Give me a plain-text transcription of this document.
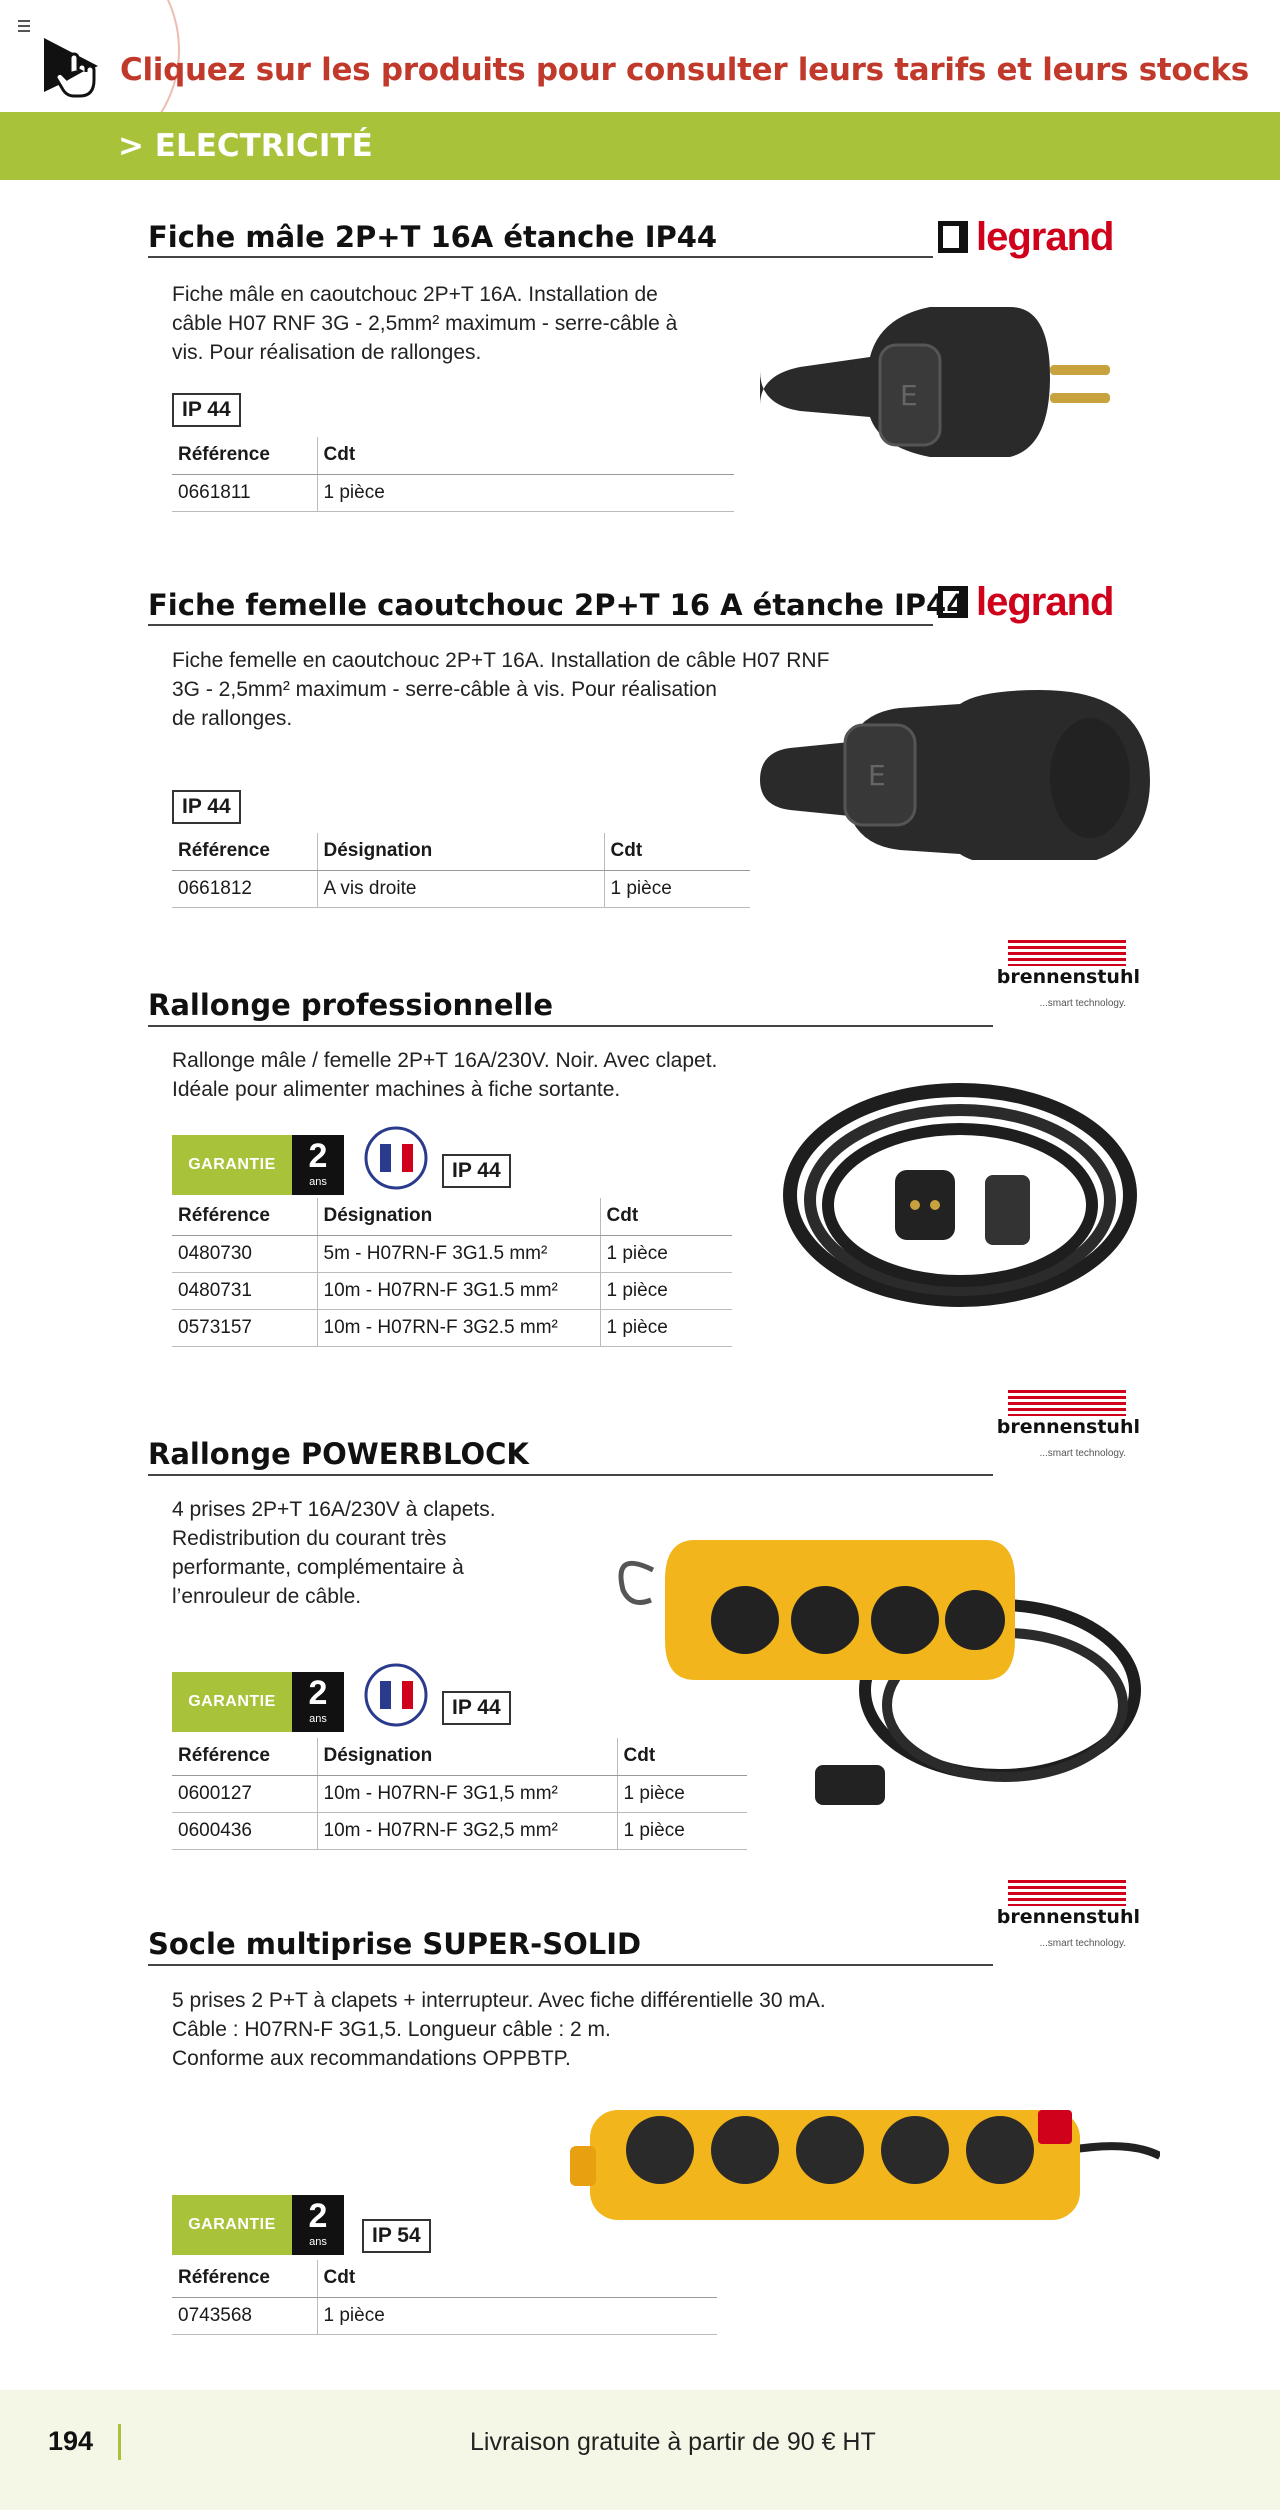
Cliquez sur les produits pour consulter leurs tarifs et leurs stocks
> ELECTRICITÉ
Fiche mâle 2P+T 16A étanche IP44	legrand
Fiche mâle en caoutchouc 2P+T 16A. Installation de
câble H07 RNF 3G - 2,5mm² maximum - serre-câble à
vis. Pour réalisation de rallonges.
IP 44
Référence	Cdt
0661811	1 pièce
E
Fiche femelle caoutchouc 2P+T 16 A étanche IP44 legrand
Fiche femelle en caoutchouc 2P+T 16A. Installation de câble H07 RNF
3G - 2,5mm² maximum - serre-câble à vis. Pour réalisation
de rallonges.
IP 44
Référence	Désignation	Cdt
0661812	A vis droite	1 pièce
E
brennenstuhl
...smart technology.
Rallonge professionnelle
Rallonge mâle / femelle 2P+T 16A/230V. Noir. Avec clapet.
Idéale pour alimenter machines à fiche sortante.
GARANTIE 2
ans	IP 44
Référence	Désignation	Cdt
0480730	5m - H07RN-F 3G1.5 mm²	1 pièce
0480731	10m - H07RN-F 3G1.5 mm²	1 pièce
0573157	10m - H07RN-F 3G2.5 mm²	1 pièce
brennenstuhl
...smart technology.
Rallonge POWERBLOCK
4 prises 2P+T 16A/230V à clapets.
Redistribution du courant très
performante, complémentaire à
l’enrouleur de câble.
GARANTIE 2
ans	IP 44
Référence	Désignation	Cdt
0600127	10m - H07RN-F 3G1,5 mm²	1 pièce
0600436	10m - H07RN-F 3G2,5 mm²	1 pièce
brennenstuhl
...smart technology.
Socle multiprise SUPER-SOLID
5 prises 2 P+T à clapets + interrupteur. Avec fiche différentielle 30 mA.
Câble : H07RN-F 3G1,5. Longueur câble : 2 m.
Conforme aux recommandations OPPBTP.
GARANTIE 2
ans	IP 54
Référence	Cdt
0743568	1 pièce
194	Livraison gratuite à partir de 90 € HT
